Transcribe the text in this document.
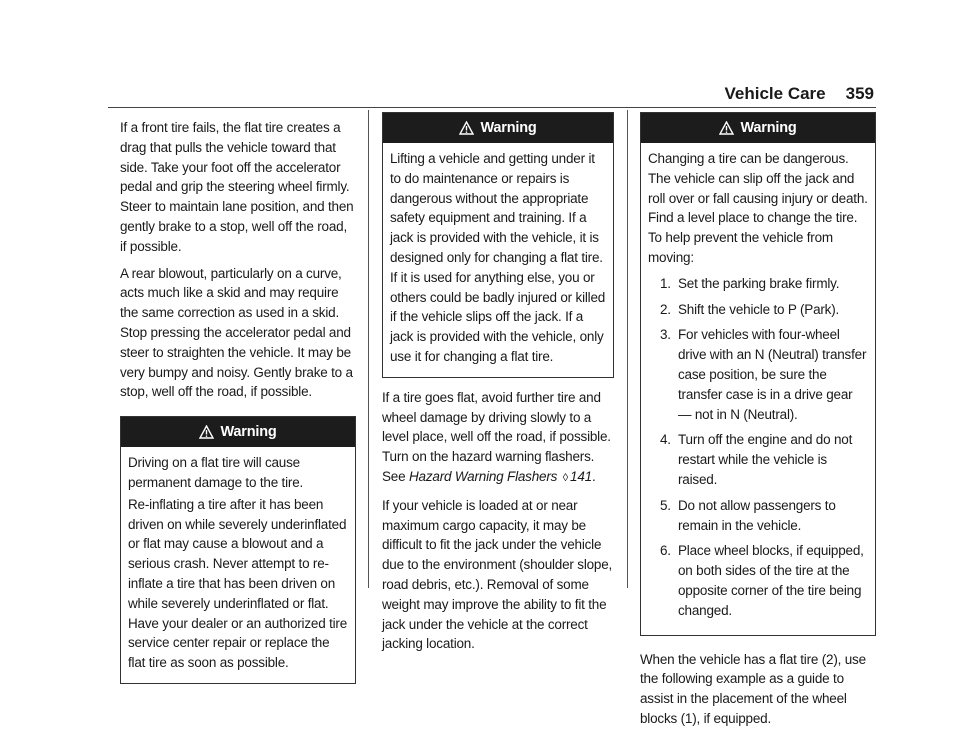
Vehicle Care 359

If a front tire fails, the flat tire creates a drag that pulls the vehicle toward that side. Take your foot off the accelerator pedal and grip the steering wheel firmly. Steer to maintain lane position, and then gently brake to a stop, well off the road, if possible.

A rear blowout, particularly on a curve, acts much like a skid and may require the same correction as used in a skid. Stop pressing the accelerator pedal and steer to straighten the vehicle. It may be very bumpy and noisy. Gently brake to a stop, well off the road, if possible.

Warning

Driving on a flat tire will cause permanent damage to the tire.

Re-inflating a tire after it has been driven on while severely underinflated or flat may cause a blowout and a serious crash. Never attempt to re-inflate a tire that has been driven on while severely underinflated or flat. Have your dealer or an authorized tire service center repair or replace the flat tire as soon as possible.

Warning

Lifting a vehicle and getting under it to do maintenance or repairs is dangerous without the appropriate safety equipment and training. If a jack is provided with the vehicle, it is designed only for changing a flat tire. If it is used for anything else, you or others could be badly injured or killed if the vehicle slips off the jack. If a jack is provided with the vehicle, only use it for changing a flat tire.

If a tire goes flat, avoid further tire and wheel damage by driving slowly to a level place, well off the road, if possible. Turn on the hazard warning flashers. See Hazard Warning Flashers ◊ 141.

If your vehicle is loaded at or near maximum cargo capacity, it may be difficult to fit the jack under the vehicle due to the environment (shoulder slope, road debris, etc.). Removal of some weight may improve the ability to fit the jack under the vehicle at the correct jacking location.

Warning

Changing a tire can be dangerous. The vehicle can slip off the jack and roll over or fall causing injury or death. Find a level place to change the tire. To help prevent the vehicle from moving:

1. Set the parking brake firmly.
2. Shift the vehicle to P (Park).
3. For vehicles with four-wheel drive with an N (Neutral) transfer case position, be sure the transfer case is in a drive gear — not in N (Neutral).
4. Turn off the engine and do not restart while the vehicle is raised.
5. Do not allow passengers to remain in the vehicle.
6. Place wheel blocks, if equipped, on both sides of the tire at the opposite corner of the tire being changed.

When the vehicle has a flat tire (2), use the following example as a guide to assist in the placement of the wheel blocks (1), if equipped.
